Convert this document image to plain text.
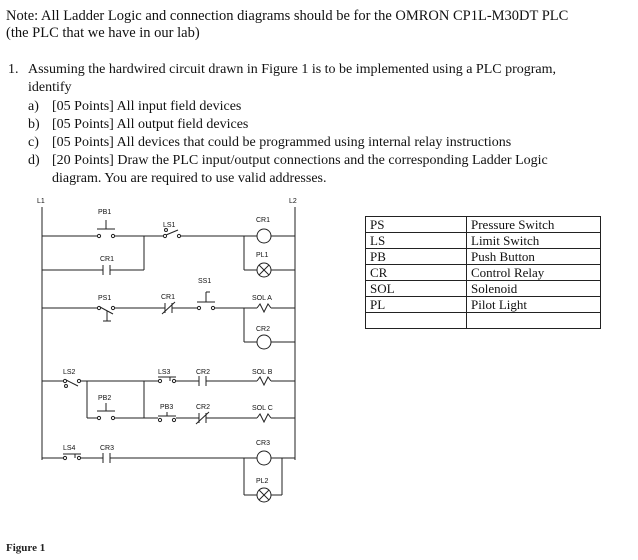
Note: All Ladder Logic and connection diagrams should be for the OMRON CP1L-M30DT PLC
(the PLC that we have in our lab)
1. Assuming the hardwired circuit drawn in Figure 1 is to be implemented using a PLC program,
identify
a) [05 Points] All input field devices
b) [05 Points] All output field devices
c) [05 Points] All devices that could be programmed using internal relay instructions
d) [20 Points] Draw the PLC input/output connections and the corresponding Ladder Logic
diagram. You are required to use valid addresses.
L1	L2
PB1
LS1
CR1
CR1
PL1
PS1	CR1
SS1
SOL A
CR2
LS2	LS3	CR2	SOL B
PB2
PB3	CR2	SOL C
LS4	CR3
CR3
PL2
Figure 1
PS	Pressure Switch
LS	Limit Switch
PB	Push Button
CR	Control Relay
SOL	Solenoid
PL	Pilot Light
